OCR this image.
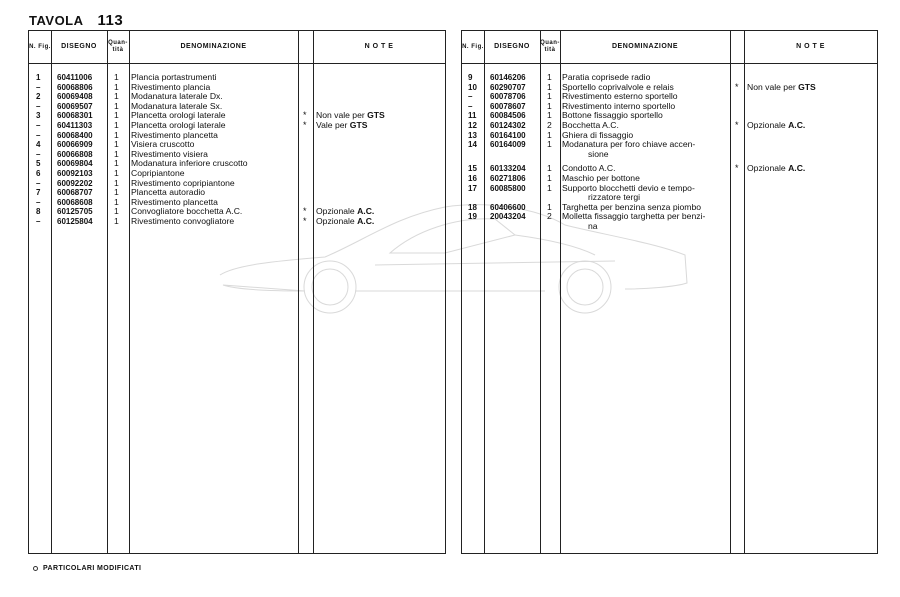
TAVOLA 113
N. Fig.	DISEGNO	Quan-tità	DENOMINAZIONE	N O T E
1 60411006	1 Plancia portastrumenti
– 60068806 1 Rivestimento plancia
2 60069408 1 Modanatura laterale Dx.
– 60069507 1 Modanatura laterale Sx.
3 60068301 1 Plancetta orologi laterale	* Non vale per GTS
– 60411303	1 Plancetta orologi laterale	* Vale per GTS
– 60068400 1 Rivestimento plancetta
4 60066909 1 Visiera cruscotto
– 60066808 1 Rivestimento visiera
5 60069804 1 Modanatura inferiore cruscotto
6 60092103 1 Copripiantone
– 60092202 1 Rivestimento copripiantone
7 60068707 1 Plancetta autoradio
– 60068608 1 Rivestimento plancetta
8 60125705 1 Convogliatore bocchetta A.C.	* Opzionale A.C.
– 60125804 1 Rivestimento convogliatore	* Opzionale A.C.
N. Fig.	DISEGNO	Quan-tità	DENOMINAZIONE	N O T E
9 60146206 1 Paratia coprisede radio
10 60290707 1 Sportello coprivalvole e relais	* Non vale per GTS
– 60078706 1 Rivestimento esterno sportello
– 60078607 1 Rivestimento interno sportello
11 60084506 1 Bottone fissaggio sportello
12 60124302 2 Bocchetta A.C.	* Opzionale A.C.
13 60164100 1 Ghiera di fissaggio
14 60164009 1 Modanatura per foro chiave accen-
sione
15 60133204 1 Condotto A.C.	* Opzionale A.C.
16 60271806 1 Maschio per bottone
17 60085800 1 Supporto blocchetti devio e tempo-
rizzatore tergi
18 60406600 1 Targhetta per benzina senza piombo
19 20043204 2 Molletta fissaggio targhetta per benzi-
na
PARTICOLARI MODIFICATI
